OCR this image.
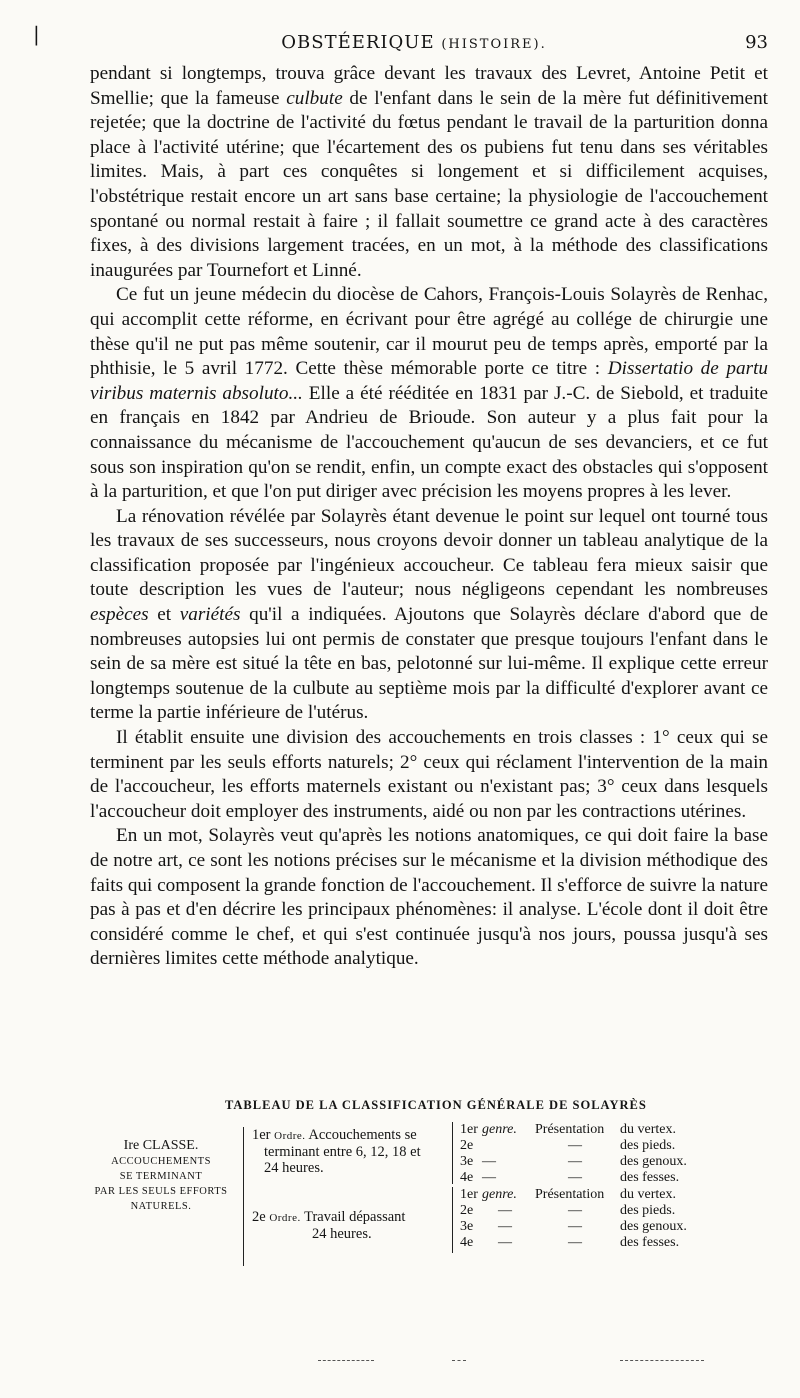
|	OBSTÉERIQUE (HISTOIRE).	93

pendant si longtemps, trouva grâce devant les travaux des Levret, Antoine Petit et Smellie; que la fameuse culbute de l'enfant dans le sein de la mère fut définitivement rejetée; que la doctrine de l'activité du fœtus pendant le travail de la parturition donna place à l'activité utérine; que l'écartement des os pubiens fut tenu dans ses véritables limites. Mais, à part ces conquêtes si longement et si difficilement acquises, l'obstétrique restait encore un art sans base certaine; la physiologie de l'accouchement spontané ou normal restait à faire ; il fallait soumettre ce grand acte à des caractères fixes, à des divisions largement tracées, en un mot, à la méthode des classifications inaugurées par Tournefort et Linné.

Ce fut un jeune médecin du diocèse de Cahors, François-Louis Solayrès de Renhac, qui accomplit cette réforme, en écrivant pour être agrégé au collége de chirurgie une thèse qu'il ne put pas même soutenir, car il mourut peu de temps après, emporté par la phthisie, le 5 avril 1772. Cette thèse mémorable porte ce titre : Dissertatio de partu viribus maternis absoluto... Elle a été rééditée en 1831 par J.-C. de Siebold, et traduite en français en 1842 par Andrieu de Brioude. Son auteur y a plus fait pour la connaissance du mécanisme de l'accouchement qu'aucun de ses devanciers, et ce fut sous son inspiration qu'on se rendit, enfin, un compte exact des obstacles qui s'opposent à la parturition, et que l'on put diriger avec précision les moyens propres à les lever.

La rénovation révélée par Solayrès étant devenue le point sur lequel ont tourné tous les travaux de ses successeurs, nous croyons devoir donner un tableau analytique de la classification proposée par l'ingénieux accoucheur. Ce tableau fera mieux saisir que toute description les vues de l'auteur; nous négligeons cependant les nombreuses espèces et variétés qu'il a indiquées. Ajoutons que Solayrès déclare d'abord que de nombreuses autopsies lui ont permis de constater que presque toujours l'enfant dans le sein de sa mère est situé la tête en bas, pelotonné sur lui-même. Il explique cette erreur longtemps soutenue de la culbute au septième mois par la difficulté d'explorer avant ce terme la partie inférieure de l'utérus.

Il établit ensuite une division des accouchements en trois classes : 1° ceux qui se terminent par les seuls efforts naturels; 2° ceux qui réclament l'intervention de la main de l'accoucheur, les efforts maternels existant ou n'existant pas; 3° ceux dans lesquels l'accoucheur doit employer des instruments, aidé ou non par les contractions utérines.

En un mot, Solayrès veut qu'après les notions anatomiques, ce qui doit faire la base de notre art, ce sont les notions précises sur le mécanisme et la division méthodique des faits qui composent la grande fonction de l'accouchement. Il s'efforce de suivre la nature pas à pas et d'en décrire les principaux phénomènes: il analyse. L'école dont il doit être considéré comme le chef, et qui s'est continuée jusqu'à nos jours, poussa jusqu'à ses dernières limites cette méthode analytique.

TABLEAU DE LA CLASSIFICATION GÉNÉRALE DE SOLAYRÈS
Ire CLASSE.
ACCOUCHEMENTS
SE TERMINANT
PAR LES SEULS EFFORTS
NATURELS.
1er Ordre. Accouchements se
terminant entre 6, 12, 18 et
24 heures.
2e Ordre. Travail dépassant
24 heures.
1er genre. Présentation du vertex.
2e	—	des pieds.
3e —	—	des genoux.
4e —	—	des fesses.
1er genre. Présentation du vertex.
2e —	—	des pieds.
3e —	—	des genoux.
4e —	—	des fesses.
